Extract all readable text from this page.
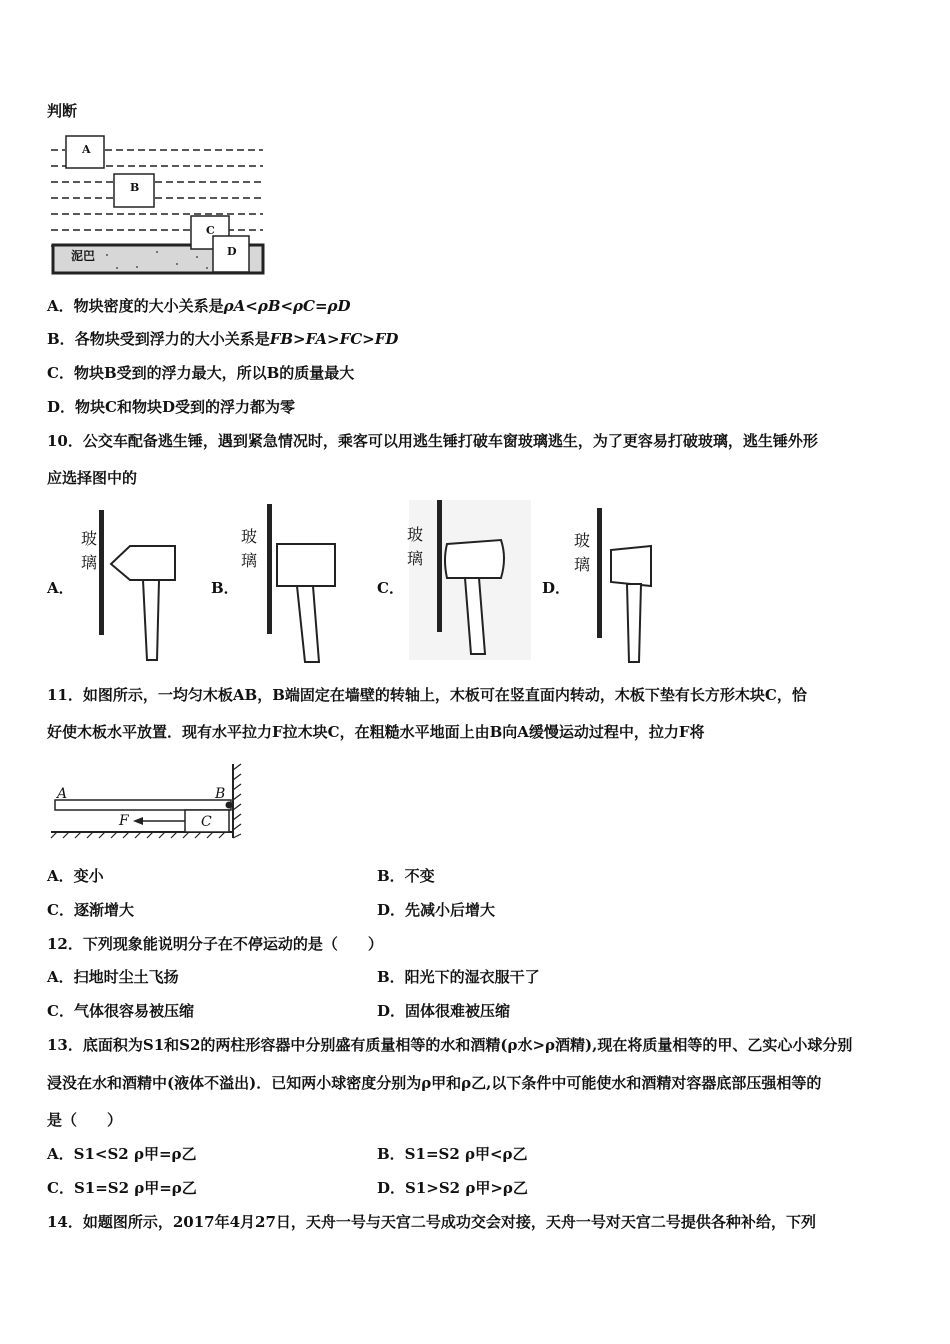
判断
A
B
C
D
泥巴
A．物块密度的大小关系是ρA<ρB<ρC=ρD
B．各物块受到浮力的大小关系是FB>FA>FC>FD
C．物块B受到的浮力最大，所以B的质量最大
D．物块C和物块D受到的浮力都为零
10．公交车配备逃生锤，遇到紧急情况时，乘客可以用逃生锤打破车窗玻璃逃生，为了更容易打破玻璃，逃生锤外形
应选择图中的
A．	B．	C．	D．
玻
璃
玻
璃
玻
璃
玻
璃
11．如图所示，一均匀木板AB，B端固定在墙壁的转轴上，木板可在竖直面内转动，木板下垫有长方形木块C，恰
好使木板水平放置．现有水平拉力F拉木块C，在粗糙水平地面上由B向A缓慢运动过程中，拉力F将
A	B
F	C
A．变小	B．不变
C．逐渐增大	D．先减小后增大
12．下列现象能说明分子在不停运动的是（　　）
A．扫地时尘土飞扬	B．阳光下的湿衣服干了
C．气体很容易被压缩	D．固体很难被压缩
13．底面积为S1和S2的两柱形容器中分别盛有质量相等的水和酒精(ρ水>ρ酒精),现在将质量相等的甲、乙实心小球分别
浸没在水和酒精中(液体不溢出)．已知两小球密度分别为ρ甲和ρ乙,以下条件中可能使水和酒精对容器底部压强相等的
是（　　）
A．S1<S2 ρ甲=ρ乙	B．S1=S2 ρ甲<ρ乙
C．S1=S2 ρ甲=ρ乙	D．S1>S2 ρ甲>ρ乙
14．如题图所示，2017年4月27日，天舟一号与天宫二号成功交会对接，天舟一号对天宫二号提供各种补给，下列
